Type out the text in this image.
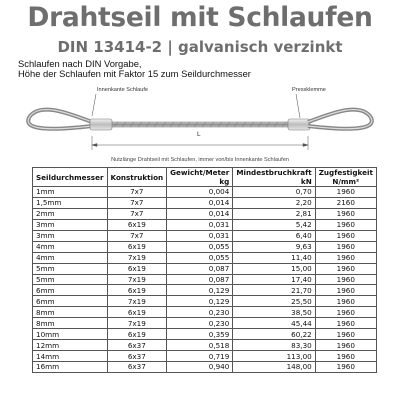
Drahtseil mit Schlaufen
DIN 13414-2 | galvanisch verzinkt
Schlaufen nach DIN Vorgabe,
Höhe der Schlaufen mit Faktor 15 zum Seildurchmesser
Innenkante Schlaufe	Pressklemme
L
Nutzlänge Drahtseil mit Schlaufen, immer von/bis Innenkante Schlaufen
Seildurchmesser	Konstruktion	Gewicht/Meter	Mindestbruchkraft	Zugfestigkeit
		kg	kN	N/mm²
1mm	7x7	0,004	0,70	1960
1,5mm	7x7	0,014	2,20	2160
2mm	7x7	0,014	2,81	1960
3mm	6x19	0,031	5,42	1960
3mm	7x7	0,031	6,40	1960
4mm	6x19	0,055	9,63	1960
4mm	7x19	0,055	11,40	1960
5mm	6x19	0,087	15,00	1960
5mm	7x19	0,087	17,40	1960
6mm	6x19	0,129	21,70	1960
6mm	7x19	0,129	25,50	1960
8mm	6x19	0,230	38,50	1960
8mm	7x19	0,230	45,44	1960
10mm	6x19	0,359	60,22	1960
12mm	6x37	0,518	83,30	1960
14mm	6x37	0,719	113,00	1960
16mm	6x37	0,940	148,00	1960
